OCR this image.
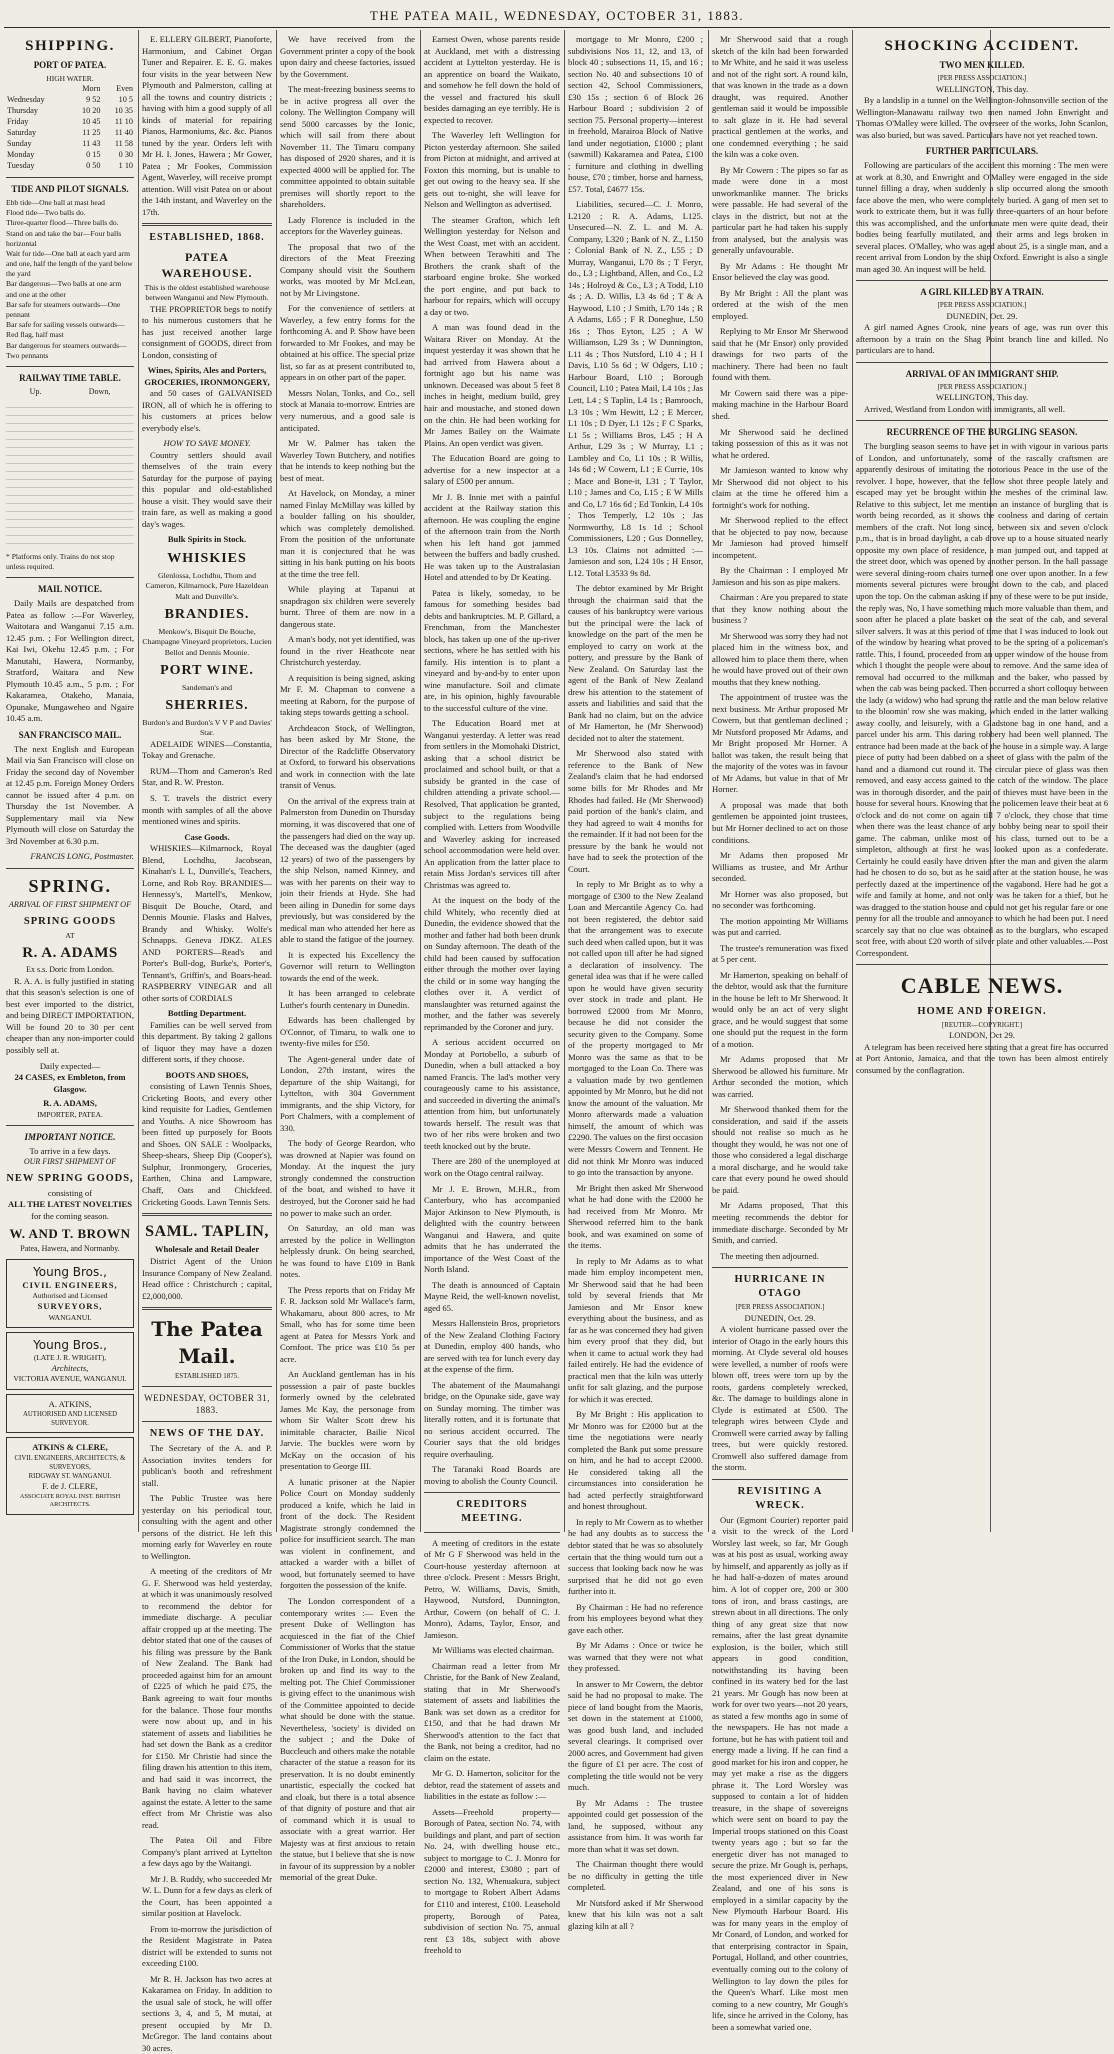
THE PATEA MAIL, WEDNESDAY, OCTOBER 31, 1883.
SHIPPING.
PORT OF PATEA.
HIGH WATER.
	Morn	Even
Wednesday	9 52	10 5
Thursday	10 20	10 35
Friday	10 45	11 10
Saturday	11 25	11 40
Sunday	11 43	11 58
Monday	0 15	0 30
Tuesday	0 50	1 10
TIDE AND PILOT SIGNALS.
Ebb tide—One ball at mast head
Flood tide—Two balls do.
Three-quarter flood—Three balls do.
Stand on and take the bar—Four balls horizontal
Wait for tide—One ball at each yard arm and one, half the length of the yard below the yard
Bar dangerous—Two balls at one arm and one at the other
Bar safe for steamers outwards—One pennant
Bar safe for sailing vessels outwards—Red flag, half mast
Bar dangerous for steamers outwards—Two pennants
RAILWAY TIME TABLE.
Up.	Down,
* Platforms only. Trains do not stop unless required.
MAIL NOTICE.

Daily Mails are despatched from Patea as follow :—For Waverley, Waitotara and Wanganui 7.15 a.m. 12.45 p.m. ; For Wellington direct, Kai Iwi, Okehu 12.45 p.m. ; For Manutahi, Hawera, Normanby, Stratford, Waitara and New Plymouth 10.45 a.m., 5 p.m. ; For Kakaramea, Otakeho, Manaia, Opunake, Mungaweheo and Ngaire 10.45 a.m.

SAN FRANCISCO MAIL.

The next English and European Mail via San Francisco will close on Friday the second day of November at 12.45 p.m. Foreign Money Orders cannot be issued after 4 p.m. on Thursday the 1st November. A Supplementary mail via New Plymouth will close on Saturday the 3rd November at 6.30 p.m.

FRANCIS LONG, Postmaster.
SPRING.
ARRIVAL OF FIRST SHIPMENT OF
SPRING GOODS
AT
R. A. ADAMS
Ex s.s. Doric from London.

R. A. A. is fully justified in stating that this season's selection is one of best ever imported to the district, and being DIRECT IMPORTATION, Will be found 20 to 30 per cent cheaper than any non-importer could possibly sell at.

Daily expected—
24 CASES, ex Embleton, from Glasgow.
R. A. ADAMS,
IMPORTER, PATEA.
IMPORTANT NOTICE.
To arrive in a few days.
OUR FIRST SHIPMENT OF
NEW SPRING GOODS,
consisting of
ALL THE LATEST NOVELTIES
for the coming season.
W. AND T. BROWN
Patea, Hawera, and Normanby.
Young Bros.,
CIVIL ENGINEERS,
Authorised and Licensed
SURVEYORS,
WANGANUI.
Young Bros.,
(LATE J. R. WRIGHT),
Architects,
VICTORIA AVENUE, WANGANUI.
A. ATKINS,
AUTHORISED AND LICENSED SURVEYOR.
ATKINS & CLERE,
CIVIL ENGINEERS, ARCHITECTS, & SURVEYORS,
RIDGWAY ST. WANGANUI.
F. de J. CLERE,
ASSOCIATE ROYAL INST. BRITISH ARCHITECTS.

E. ELLERY GILBERT, Pianoforte, Harmonium, and Cabinet Organ Tuner and Repairer. E. E. G. makes four visits in the year between New Plymouth and Palmerston, calling at all the towns and country districts ; having with him a good supply of all kinds of material for repairing Pianos, Harmoniums, &c. &c. Pianos tuned by the year. Orders left with Mr H. I. Jones, Hawera ; Mr Gower, Patea ; Mr Fookes, Commission Agent, Waverley, will receive prompt attention. Will visit Patea on or about the 14th instant, and Waverley on the 17th.

ESTABLISHED, 1868.
PATEA WAREHOUSE.
This is the oldest established warehouse between Wanganui and New Plymouth.

THE PROPRIETOR begs to notify to his numerous customers that he has just received another large consignment of GOODS, direct from London, consisting of

Wines, Spirits, Ales and Porters,
GROCERIES, IRONMONGERY,

and 50 cases of GALVANISED IRON, all of which he is offering to his customers at prices below everybody else's.

HOW TO SAVE MONEY.

Country settlers should avail themselves of the train every Saturday for the purpose of paying this popular and old-established house a visit. They would save their train fare, as well as making a good day's wages.

Bulk Spirits in Stock.
WHISKIES
Glenlossa, Lochdhu, Thom and Cameron, Kilmarnock, Pure Hazeldean Malt and Dunville's.
BRANDIES.
Menkow's, Bisquit De Bouche, Champagne Vineyard proprietors, Lucien Bellot and Dennis Mounie.
PORT WINE.
Sandeman's and
SHERRIES.
Burdon's and Burdon's V V P and Davies' Star.

ADELAIDE WINES—Constantia, Tokay and Grenache.

RUM—Thom and Cameron's Red Star, and R. W. Preston.

S. T. travels the district every month with samples of all the above mentioned wines and spirits.

Case Goods.

WHISKIES—Kilmarnock, Royal Blend, Lochdhu, Jacobsean, Kinahan's L L, Dunville's, Teachers, Lorne, and Rob Roy. BRANDIES—Hennessy's, Martell's, Menkow, Bisquit De Bouche, Otard, and Dennis Mounie. Flasks and Halves, Brandy and Whisky. Wolfe's Schnapps. Geneva JDKZ. ALES AND PORTERS—Read's and Porter's Bull-dog, Burke's, Porter's, Tennant's, Griffin's, and Boars-head. RASPBERRY VINEGAR and all other sorts of CORDIALS

Bottling Department.

Families can be well served from this department. By taking 2 gallons of liquor they may have a dozen different sorts, if they choose.

BOOTS AND SHOES,

consisting of Lawn Tennis Shoes, Cricketing Boots, and every other kind requisite for Ladies, Gentlemen and Youths. A nice Showroom has been fitted up purposely for Boots and Shoes. ON SALE : Woolpacks, Sheep-shears, Sheep Dip (Cooper's), Sulphur, Ironmongery, Groceries, Earthen, China and Lampware, Chaff, Oats and Chickfeed. Cricketing Goods. Lawn Tennis Sets.

SAML. TAPLIN,
Wholesale and Retail Dealer

District Agent of the Union Insurance Company of New Zealand. Head office : Christchurch ; capital, £2,000,000.

The Patea Mail.
ESTABLISHED 1875.
WEDNESDAY, OCTOBER 31, 1883.
NEWS OF THE DAY.

The Secretary of the A. and P. Association invites tenders for publican's booth and refreshment stall.

The Public Trustee was here yesterday on his periodical tour, consulting with the agent and other persons of the district. He left this morning early for Waverley en route to Wellington.

A meeting of the creditors of Mr G. F. Sherwood was held yesterday, at which it was unanimously resolved to recommend the debtor for immediate discharge. A peculiar affair cropped up at the meeting. The debtor stated that one of the causes of his filing was pressure by the Bank of New Zealand. The Bank had proceeded against him for an amount of £225 of which he paid £75, the Bank agreeing to wait four months for the balance. Those four months were now about up, and in his statement of assets and liabilities he had set down the Bank as a creditor for £150. Mr Christie had since the filing drawn his attention to this item, and had said it was incorrect, the Bank having no claim whatever against the estate. A letter to the same effect from Mr Christie was also read.

The Patea Oil and Fibre Company's plant arrived at Lyttelton a few days ago by the Waitangi.

Mr J. B. Ruddy, who succeeded Mr W. L. Dunn for a few days as clerk of the Court, has been appointed a similar position at Havelock.

From to-morrow the jurisdiction of the Resident Magistrate in Patea district will be extended to sums not exceeding £100.

Mr R. H. Jackson has two acres at Kakaramea on Friday. In addition to the usual sale of stock, he will offer sections 3, 4, and 5, M mutai, at present occupied by Mr D. McGregor. The land contains about 30 acres.

We have received from the Government printer a copy of the book upon dairy and cheese factories, issued by the Government.

The meat-freezing business seems to be in active progress all over the colony. The Wellington Company will send 5000 carcasses by the Ionic, which will sail from there about November 11. The Timaru company has disposed of 2920 shares, and it is expected 4000 will be applied for. The committee appointed to obtain suitable premises will shortly report to the shareholders.

Lady Florence is included in the acceptors for the Waverley guineas.

The proposal that two of the directors of the Meat Freezing Company should visit the Southern works, was mooted by Mr McLean, not by Mr Livingstone.

For the convenience of settlers at Waverley, a few entry forms for the forthcoming A. and P. Show have been forwarded to Mr Fookes, and may be obtained at his office. The special prize list, so far as at present contributed to, appears in on other part of the paper.

Messrs Nolan, Tonks, and Co., sell stock at Manaia to-morrow. Entries are very numerous, and a good sale is anticipated.

Mr W. Palmer has taken the Waverley Town Butchery, and notifies that he intends to keep nothing but the best of meat.

At Havelock, on Monday, a miner named Finlay McMillay was killed by a boulder falling on his shoulder, which was completely demolished. From the position of the unfortunate man it is conjectured that he was sitting in his bank putting on his boots at the time the tree fell.

While playing at Tapanui at snapdragon six children were severely burnt. Three of them are now in a dangerous state.

A man's body, not yet identified, was found in the river Heathcote near Christchurch yesterday.

A requisition is being signed, asking Mr F. M. Chapman to convene a meeting at Raborn, for the purpose of taking steps towards getting a school.

Archdeacon Stock, of Wellington, has been asked by Mr Stone, the Director of the Radcliffe Observatory at Oxford, to forward his observations and work in connection with the late transit of Venus.

On the arrival of the express train at Palmerston from Dunedin on Thursday morning, it was discovered that one of the passengers had died on the way up. The deceased was the daughter (aged 12 years) of two of the passengers by the ship Nelson, named Kinney, and was with her parents on their way to join their friends at Hyde. She had been ailing in Dunedin for some days previously, but was considered by the medical man who attended her here as able to stand the fatigue of the journey.

It is expected his Excellency the Governor will return to Wellington towards the end of the week.

It has been arranged to celebrate Luther's fourth centenary in Dunedin.

Edwards has been challenged by O'Connor, of Timaru, to walk one to twenty-five miles for £50.

The Agent-general under date of London, 27th instant, wires the departure of the ship Waitangi, for Lyttelton, with 304 Government immigrants, and the ship Victory, for Port Chalmers, with a complement of 330.

The body of George Reardon, who was drowned at Napier was found on Monday. At the inquest the jury strongly condemned the construction of the boat, and wished to have it destroyed, but the Coroner said he had no power to make such an order.

On Saturday, an old man was arrested by the police in Wellington helplessly drunk. On being searched, he was found to have £109 in Bank notes.

The Press reports that on Friday Mr F. R. Jackson sold Mr Wallace's farm, Whakamaru, about 800 acres, to Mr Small, who has for some time been agent at Patea for Messrs York and Cornfoot. The price was £10 5s per acre.

An Auckland gentleman has in his possession a pair of paste buckles formerly owned by the celebrated James Mc Kay, the personage from whom Sir Walter Scott drew his inimitable character, Bailie Nicol Jarvie. The buckles were worn by McKay on the occasion of his presentation to George III.

A lunatic prisoner at the Napier Police Court on Monday suddenly produced a knife, which he laid in front of the dock. The Resident Magistrate strongly condemned the police for insufficient search. The man was violent in confinement, and attacked a warder with a billet of wood, but fortunately seemed to have forgotten the possession of the knife.

The London correspondent of a contemporary writes :— Even the present Duke of Wellington has acquiesced in the fiat of the Chief Commissioner of Works that the statue of the Iron Duke, in London, should be broken up and find its way to the melting pot. The Chief Commissioner is giving effect to the unanimous wish of the Committee appointed to decide what should be done with the statue. Nevertheless, 'society' is divided on the subject ; and the Duke of Buccleuch and others make the notable character of the statue a reason for its preservation. It is no doubt eminently unartistic, especially the cocked hat and cloak, but there is a total absence of that dignity of posture and that air of command which it is usual to associate with a great warrior. Her Majesty was at first anxious to retain the statue, but I believe that she is now in favour of its suppression by a nobler memorial of the great Duke.

Earnest Owen, whose parents reside at Auckland, met with a distressing accident at Lyttelton yesterday. He is an apprentice on board the Waikato, and somehow he fell down the hold of the vessel and fractured his skull besides damaging an eye terribly. He is expected to recover.

The Waverley left Wellington for Picton yesterday afternoon. She sailed from Picton at midnight, and arrived at Foxton this morning, but is unable to get out owing to the heavy sea. If she gets out to-night, she will leave for Nelson and Wellington as advertised.

The steamer Grafton, which left Wellington yesterday for Nelson and the West Coast, met with an accident. When between Terawhiti and The Brothers the crank shaft of the starboard engine broke. She worked the port engine, and put back to harbour for repairs, which will occupy a day or two.

A man was found dead in the Waitara River on Monday. At the inquest yesterday it was shown that he had arrived from Hawera about a fortnight ago but his name was unknown. Deceased was about 5 feet 8 inches in height, medium build, grey hair and moustache, and stoned down on the chin. He had been working for Mr James Bailey on the Waimate Plains. An open verdict was given.

The Education Board are going to advertise for a new inspector at a salary of £500 per annum.

Mr J. B. Innie met with a painful accident at the Railway station this afternoon. He was coupling the engine of the afternoon train from the North when his left hand got jammed between the buffers and badly crushed. He was taken up to the Australasian Hotel and attended to by Dr Keating.

Patea is likely, someday, to be famous for something besides bad debts and bankruptcies. M. P. Gillard, a Frenchman, from the Manchester block, has taken up one of the up-river sections, where he has settled with his family. His intention is to plant a vineyard and by-and-by to enter upon wine manufacture. Soil and climate are, in his opinion, highly favourable to the successful culture of the vine.

The Education Board met at Wanganui yesterday. A letter was read from settlers in the Momohaki District, asking that a school district be proclaimed and school built, or that a subsidy be granted in the case of children attending a private school.—Resolved, That application be granted, subject to the regulations being complied with. Letters from Woodville and Waverley asking for increased school accommodation were held over. An application from the latter place to retain Miss Jordan's services till after Christmas was agreed to.

At the inquest on the body of the child Whitely, who recently died at Dunedin, the evidence showed that the mother and father had both been drunk on Sunday afternoon. The death of the child had been caused by suffocation either through the mother over laying the child or in some way hanging the clothes over it. A verdict of manslaughter was returned against the mother, and the father was severely reprimanded by the Coroner and jury.

A serious accident occurred on Monday at Portobello, a suburb of Dunedin, when a bull attacked a boy named Francis. The lad's mother very courageously came to his assistance, and succeeded in diverting the animal's attention from him, but unfortunately towards herself. The result was that two of her ribs were broken and two teeth knocked out by the brute.

There are 280 of the unemployed at work on the Otago central railway.

Mr J. E. Brown, M.H.R., from Canterbury, who has accompanied Major Atkinson to New Plymouth, is delighted with the country between Wanganui and Hawera, and quite admits that he has underrated the importance of the West Coast of the North Island.

The death is announced of Captain Mayne Reid, the well-known novelist, aged 65.

Messrs Hallenstein Bros, proprietors of the New Zealand Clothing Factory at Dunedin, employ 400 hands, who are served with tea for lunch every day at the expense of the firm.

The abatement of the Maumahangi bridge, on the Opunake side, gave way on Sunday morning. The timber was literally rotten, and it is fortunate that no serious accident occurred. The Courier says that the old bridges require overhauling.

The Taranaki Road Boards are moving to abolish the County Council.

CREDITORS MEETING.

A meeting of creditors in the estate of Mr G F Sherwood was held in the Court-house yesterday afternoon at three o'clock. Present : Messrs Bright, Petro, W. Williams, Davis, Smith, Haywood, Nutsford, Dunnington, Arthur, Cowern (on behalf of C. J. Monro), Adams, Taylor, Ensor, and Jamieson.

Mr Williams was elected chairman.

Chairman read a letter from Mr Christie, for the Bank of New Zealand, stating that in Mr Sherwood's statement of assets and liabilities the Bank was set down as a creditor for £150, and that he had drawn Mr Sherwood's attention to the fact that the Bank, not being a creditor, had no claim on the estate.

Mr G. D. Hamerton, solicitor for the debtor, read the statement of assets and liabilities in the estate as follow :—

Assets—Freehold property—Borough of Patea, section No. 74, with buildings and plant, and part of section No. 24, with dwelling house etc., subject to mortgage to C. J. Monro for £2000 and interest, £3080 ; part of section No. 132, Whenuakura, subject to mortgage to Robert Albert Adams for £110 and interest, £100. Leasehold property, Borough of Patea, subdivision of section No. 75, annual rent £3 18s, subject with above freehold to

mortgage to Mr Monro, £200 ; subdivisions Nos 11, 12, and 13, of block 40 ; subsections 11, 15, and 16 ; section No. 40 and subsections 10 of section 42, School Commissioners, £30 15s ; section 6 of Block 26 Harbour Board ; subdivision 2 of section 75. Personal property—interest in freehold, Marairoa Block of Native land under negotiation, £1000 ; plant (sawmill) Kakaramea and Patea, £100 ; furniture and clothing in dwelling house, £70 ; timber, horse and harness, £57. Total, £4677 15s.

Liabilities, secured—C. J. Monro, L2120 ; R. A. Adams, L125. Unsecured—N. Z. L. and M. A. Company, L320 ; Bank of N. Z., L150 ; Colonial Bank of N. Z., L55 ; D Murray, Wanganui, L70 8s ; T Feryr, do., L3 ; Lightband, Allen, and Co., L2 14s ; Holroyd & Co., L3 ; A Todd, L10 4s ; A. D. Willis, L3 4s 6d ; T & A Haywood, L10 ; J Smith, L70 14s ; R A Adams, L65 ; F R Doneghue, L50 16s ; Thos Eyton, L25 ; A W Williamson, L29 3s ; W Dunnington, L11 4s ; Thos Nutsford, L10 4 ; H I Davis, L10 5s 6d ; W Odgers, L10 ; Harbour Board, L10 ; Borough Council, L10 ; Patea Mail, L4 10s ; Jas Lett, L4 ; S Taplin, L4 1s ; Bamrooch, L3 10s ; Wm Hewitt, L2 ; E Mercer, L1 10s ; D Dyer, L1 12s ; F C Sparks, L1 5s ; Williams Bros, L45 ; H A Arthur, L29 3s ; W Murray, L1 ; Lambley and Co, L1 10s ; R Willis, 14s 6d ; W Cowern, L1 ; E Currie, 10s ; Mace and Bone-it, L31 ; T Taylor, L10 ; James and Co, L15 ; E W Mills and Co, L7 16s 6d ; Ed Tonkin, L4 10s ; Thos Temperly, L2 10s ; Jas Normworthy, L8 1s 1d ; School Commissioners, L20 ; Gus Donnelley, L3 10s. Claims not admitted :—Jamieson and son, L24 10s ; H Ensor, L12. Total L3533 9s 8d.

The debtor examined by Mr Bright through the chairman said that the causes of his bankruptcy were various but the principal were the lack of knowledge on the part of the men he employed to carry on work at the pottery, and pressure by the Bank of New Zealand. On Saturday last the agent of the Bank of New Zealand drew his attention to the statement of assets and liabilities and said that the Bank had no claim, but on the advice of Mr Hamerton, he (Mr Sherwood) decided not to alter the statement.

Mr Sherwood also stated with reference to the Bank of New Zealand's claim that he had endorsed some bills for Mr Rhodes and Mr Rhodes had failed. He (Mr Sherwood) paid portion of the bank's claim, and they had agreed to wait 4 months for the remainder. If it had not been for the pressure by the bank he would not have had to seek the protection of the Court.

In reply to Mr Bright as to why a mortgage of £300 to the New Zealand Loan and Mercantile Agency Co. had not been registered, the debtor said that the arrangement was to execute such deed when called upon, but it was not called upon till after he had signed a declaration of insolvency. The general idea was that if he were called upon he would have given security over stock in trade and plant. He borrowed £2000 from Mr Monro, because he did not consider the security given to the Company. Some of the property mortgaged to Mr Monro was the same as that to be mortgaged to the Loan Co. There was a valuation made by two gentlemen appointed by Mr Monro, but he did not know the amount of the valuation. Mr Monro afterwards made a valuation himself, the amount of which was £2290. The values on the first occasion were Messrs Cowern and Tennent. He did not think Mr Monro was induced to go into the transaction by anyone.

Mr Bright then asked Mr Sherwood what he had done with the £2000 he had received from Mr Monro. Mr Sherwood referred him to the bank book, and was examined on some of the items.

In reply to Mr Adams as to what made him employ incompetent men, Mr Sherwood said that he had been told by several friends that Mr Jamieson and Mr Ensor knew everything about the business, and as far as he was concerned they had given him every proof that they did, but when it came to actual work they had failed entirely. He had the evidence of practical men that the kiln was utterly unfit for salt glazing, and the purpose for which it was erected.

By Mr Bright : His application to Mr Monro was for £2000 but at the time the negotiations were nearly completed the Bank put some pressure on him, and he had to accept £2000. He considered taking all the circumstances into consideration he had acted perfectly straightforward and honest throughout.

In reply to Mr Cowern as to whether he had any doubts as to success the debtor stated that he was so absolutely certain that the thing would turn out a success that looking back now he was surprised that he did not go even further into it.

By Chairman : He had no reference from his employees beyond what they gave each other.

By Mr Adams : Once or twice he was warned that they were not what they professed.

In answer to Mr Cowern, the debtor said he had no proposal to make. The piece of land bought from the Maoris, set down in the statement at £1000, was good bush land, and included several clearings. It comprised over 2000 acres, and Government had given the figure of £1 per acre. The cost of completing the title would not be very much.

By Mr Adams : The trustee appointed could get possession of the land, he supposed, without any assistance from him. It was worth far more than what it was set down.

The Chairman thought there would be no difficulty in getting the title completed.

Mr Nutsford asked if Mr Sherwood knew that his kiln was not a salt glazing kiln at all ?

Mr Sherwood said that a rough sketch of the kiln had been forwarded to Mr White, and he said it was useless and not of the right sort. A round kiln, that was known in the trade as a down draught, was required. Another gentleman said it would be impossible to salt glaze in it. He had several practical gentlemen at the works, and one condemned everything ; he said the kiln was a coke oven.

By Mr Cowern : The pipes so far as made were done in a most unworkmanlike manner. The bricks were passable. He had several of the clays in the district, but not at the particular part he had taken his supply from analysed, but the analysis was generally unfavourable.

By Mr Adams : He thought Mr Ensor believed the clay was good.

By Mr Bright : All the plant was ordered at the wish of the men employed.

Replying to Mr Ensor Mr Sherwood said that he (Mr Ensor) only provided drawings for two parts of the machinery. There had been no fault found with them.

Mr Cowern said there was a pipe-making machine in the Harbour Board shed.

Mr Sherwood said he declined taking possession of this as it was not what he ordered.

Mr Jamieson wanted to know why Mr Sherwood did not object to his claim at the time he offered him a fortnight's work for nothing.

Mr Sherwood replied to the effect that he objected to pay now, because Mr Jamieson had proved himself incompetent.

By the Chairman : I employed Mr Jamieson and his son as pipe makers.

Chairman : Are you prepared to state that they know nothing about the business ?

Mr Sherwood was sorry they had not placed him in the witness box, and allowed him to place them there, when he would have proved out of their own mouths that they knew nothing.

The appointment of trustee was the next business. Mr Arthur proposed Mr Cowern, but that gentleman declined ; Mr Nutsford proposed Mr Adams, and Mr Bright proposed Mr Horner. A ballot was taken, the result being that the majority of the votes was in favour of Mr Adams, but value in that of Mr Horner.

A proposal was made that both gentlemen be appointed joint trustees, but Mr Horner declined to act on those conditions.

Mr Adams then proposed Mr Williams as trustee, and Mr Arthur seconded.

Mr Horner was also proposed, but no seconder was forthcoming.

The motion appointing Mr Williams was put and carried.

The trustee's remuneration was fixed at 5 per cent.

Mr Hamerton, speaking on behalf of the debtor, would ask that the furniture in the house be left to Mr Sherwood. It would only be an act of very slight grace, and he would suggest that some one should put the request in the form of a motion.

Mr Adams proposed that Mr Sherwood be allowed his furniture. Mr Arthur seconded the motion, which was carried.

Mr Sherwood thanked them for the consideration, and said if the assets should not realise so much as he thought they would, he was not one of those who considered a legal discharge a moral discharge, and he would take care that every pound he owed should be paid.

Mr Adams proposed, That this meeting recommends the debtor for immediate discharge. Seconded by Mr Smith, and carried.

The meeting then adjourned.

HURRICANE IN OTAGO
[PER PRESS ASSOCIATION.]
DUNEDIN, Oct. 29.

A violent hurricane passed over the interior of Otago in the early hours this morning. At Clyde several old houses were levelled, a number of roofs were blown off, trees were torn up by the roots, gardens completely wrecked, &c. The damage to buildings alone in Clyde is estimated at £500. The telegraph wires between Clyde and Cromwell were carried away by falling trees, but were quickly restored. Cromwell also suffered damage from the storm.

REVISITING A WRECK.

Our (Egmont Courier) reporter paid a visit to the wreck of the Lord Worsley last week, so far, Mr Gough was at his post as usual, working away by himself, and apparently as jolly as if he had half-a-dozen of mates around him. A lot of copper ore, 200 or 300 tons of iron, and brass castings, are strewn about in all directions. The only thing of any great size that now remains, after the last great dynamite explosion, is the boiler, which still appears in good condition, notwithstanding its having been confined in its watery bed for the last 21 years. Mr Gough has now been at work for over two years—not 20 years, as stated a few months ago in some of the newspapers. He has not made a fortune, but he has with patient toil and energy made a living. If he can find a good market for his iron and copper, he may yet make a rise as the diggers phrase it. The Lord Worsley was supposed to contain a lot of hidden treasure, in the shape of sovereigns which were sent on board to pay the Imperial troops stationed on this Coast twenty years ago ; but so far the energetic diver has not managed to secure the prize. Mr Gough is, perhaps, the most experienced diver in New Zealand, and one of his sons is employed in a similar capacity by the New Plymouth Harbour Board. His was for many years in the employ of Mr Conard, of London, and worked for that enterprising contractor in Spain, Portugal, Holland, and other countries, eventually coming out to the colony of Wellington to lay down the piles for the Queen's Wharf. Like most men coming to a new country, Mr Gough's life, since he arrived in the Colony, has been a somewhat varied one.

SHOCKING ACCIDENT.
TWO MEN KILLED.
[PER PRESS ASSOCIATION.]
WELLINGTON, This day.

By a landslip in a tunnel on the Wellington-Johnsonville section of the Wellington-Manawatu railway two men named John Enwright and Thomas O'Malley were killed. The overseer of the works, John Scanlon, was also buried, but was saved. Particulars have not yet reached town.

FURTHER PARTICULARS.

Following are particulars of the accident this morning : The men were at work at 8.30, and Enwright and O'Malley were engaged in the side tunnel filling a dray, when suddenly a slip occurred along the smooth face above the men, who were completely buried. A gang of men set to work to extricate them, but it was fully three-quarters of an hour before this was accomplished, and the unfortunate men were quite dead, their bodies being fearfully mutilated, and their arms and legs broken in several places. O'Malley, who was aged about 25, is a single man, and a recent arrival from London by the ship Oxford. Enwright is also a single man aged 30. An inquest will be held.

A GIRL KILLED BY A TRAIN.
[PER PRESS ASSOCIATION.]
DUNEDIN, Oct. 29.

A girl named Agnes Crook, nine years of age, was run over this afternoon by a train on the Shag Point branch line and killed. No particulars are to hand.

ARRIVAL OF AN IMMIGRANT SHIP.
[PER PRESS ASSOCIATION.]
WELLINGTON, This day.

Arrived, Westland from London with immigrants, all well.

RECURRENCE OF THE BURGLING SEASON.

The burgling season seems to have set in with vigour in various parts of London, and unfortunately, some of the rascally craftsmen are apparently desirous of imitating the notorious Peace in the use of the revolver. I hope, however, that the fellow shot three people lately and escaped may yet be brought within the meshes of the criminal law. Relative to this subject, let me mention an instance of burgling that is worth being recorded, as it shows the coolness and daring of certain members of the craft. Not long since, between six and seven o'clock p.m., that is in broad daylight, a cab drove up to a house situated nearly opposite my own place of residence, a man jumped out, and tapped at the street door, which was opened by another person. In the hall passage were several dining-room chairs turned one over upon another. In a few moments several pictures were brought down to the cab, and placed upon the top. On the cabman asking if any of these were to be put inside, the reply was, No, I have something much more valuable than them, and soon after he placed a plate basket on the seat of the cab, and several silver salvers. It was at this period of time that I was induced to look out of the window by hearing what proved to be the spring of a policeman's rattle. This, I found, proceeded from an upper window of the house from which I thought the people were about to remove. And the same idea of removal had occurred to the milkman and the baker, who passed by when the cab was being packed. Then occurred a short colloquy between the lady (a widow) who had sprung the rattle and the man below relative to the bloomin' row she was making, which ended in the latter walking away coolly, and leisurely, with a Gladstone bag in one hand, and a parcel under his arm. This daring robbery had been well planned. The entrance had been made at the back of the house in a simple way. A large piece of putty had been dabbed on a sheet of glass with the palm of the hand and a diamond cut round it. The circular piece of glass was then removed, and easy access gained to the catch of the window. The place was in thorough disorder, and the pair of thieves must have been in the house for several hours. Knowing that the policemen leave their beat at 6 o'clock and do not come on again till 7 o'clock, they chose that time when there was the least chance of any bobby being near to spoil their game. The cabman, unlike most of his class, turned out to be a simpleton, although at first he was looked upon as a confederate. Certainly he could easily have driven after the man and given the alarm had he chosen to do so, but as he said after at the station house, he was perfectly dazed at the impertinence of the vagabond. Here had he got a wife and family at home, and not only was he taken for a thief, but he was dragged to the station house and could not get his regular fare or one penny for all the trouble and annoyance to which he had been put. I need scarcely say that no clue was obtained as to the burglars, who escaped scot free, with about £20 worth of silver plate and other valuables.—Post Correspondent.

CABLE NEWS.
HOME AND FOREIGN.
[REUTER—COPYRIGHT.]
LONDON, Oct 29.

A telegram has been received here stating that a great fire has occurred at Port Antonio, Jamaica, and that the town has been almost entirely consumed by the conflagration.
